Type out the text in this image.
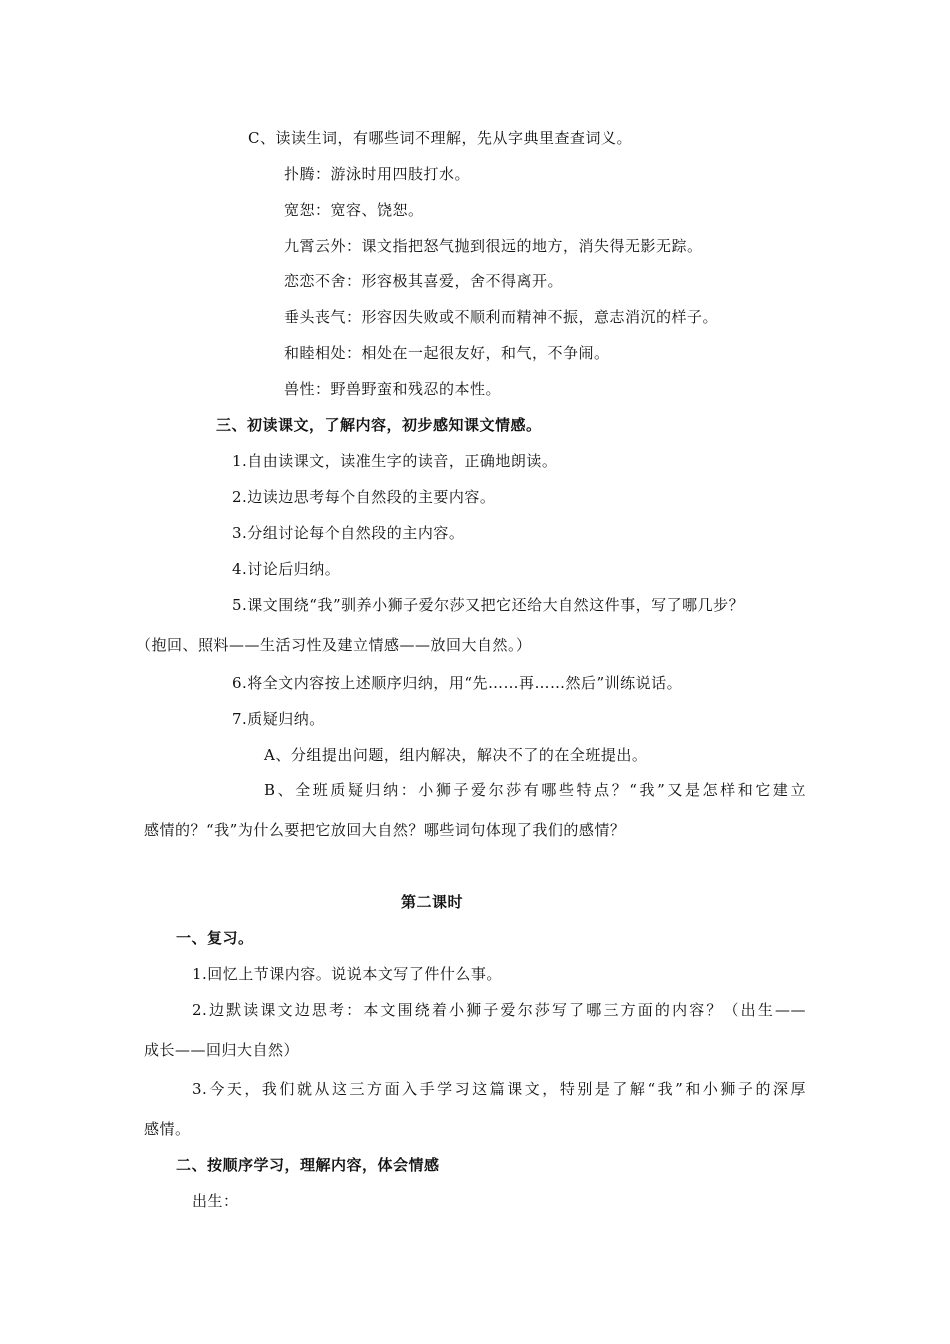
C、读读生词，有哪些词不理解，先从字典里查查词义。
扑腾：游泳时用四肢打水。
宽恕：宽容、饶恕。
九霄云外：课文指把怒气抛到很远的地方，消失得无影无踪。
恋恋不舍：形容极其喜爱，舍不得离开。
垂头丧气：形容因失败或不顺利而精神不振，意志消沉的样子。
和睦相处：相处在一起很友好，和气，不争闹。
兽性：野兽野蛮和残忍的本性。
三、初读课文，了解内容，初步感知课文情感。
1.自由读课文，读准生字的读音，正确地朗读。
2.边读边思考每个自然段的主要内容。
3.分组讨论每个自然段的主内容。
4.讨论后归纳。
5.课文围绕“我”驯养小狮子爱尔莎又把它还给大自然这件事，写了哪几步？
（抱回、照料——生活习性及建立情感——放回大自然。）
6.将全文内容按上述顺序归纳，用“先……再……然后”训练说话。
7.质疑归纳。
A、分组提出问题，组内解决，解决不了的在全班提出。
B、全班质疑归纳：小狮子爱尔莎有哪些特点？“我”又是怎样和它建立
感情的？“我”为什么要把它放回大自然？哪些词句体现了我们的感情？
第二课时
一、复习。
1.回忆上节课内容。说说本文写了件什么事。
2.边默读课文边思考：本文围绕着小狮子爱尔莎写了哪三方面的内容？（出生——
成长——回归大自然）
3.今天，我们就从这三方面入手学习这篇课文，特别是了解“我”和小狮子的深厚
感情。
二、按顺序学习，理解内容，体会情感
出生：
